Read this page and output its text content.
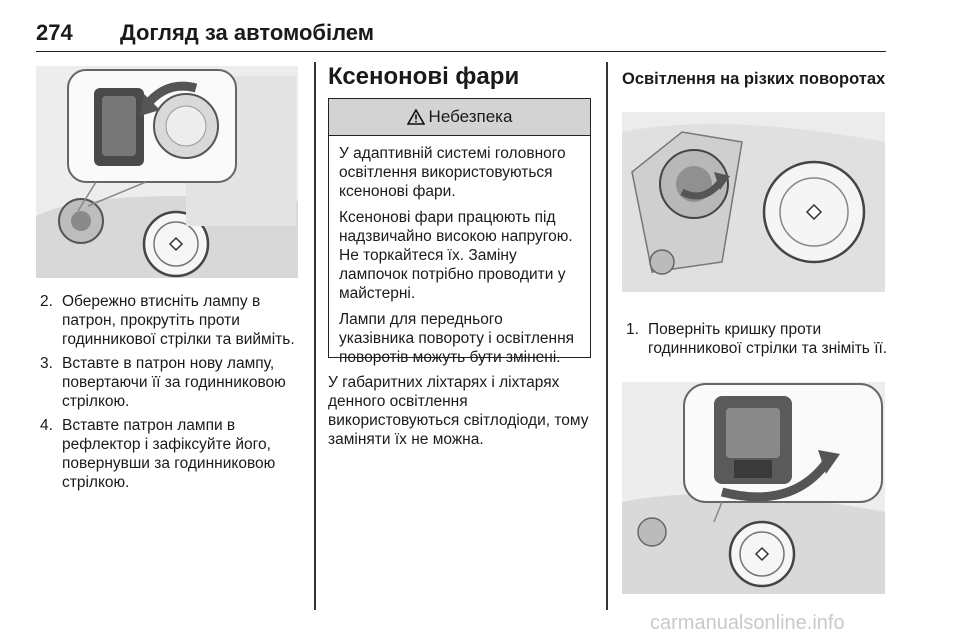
274 Догляд за автомобілем
2. Обережно втисніть лампу в патрон, прокрутіть проти годинникової стрілки та вийміть.
3. Вставте в патрон нову лампу, повертаючи її за годинниковою стрілкою.
4. Вставте патрон лампи в рефлектор і зафіксуйте його, повернувши за годинниковою стрілкою.
Ксенонові фари
Небезпека

У адаптивній системі головного освітлення використовуються ксенонові фари.

Ксенонові фари працюють під надзвичайно високою напругою. Не торкайтеся їх. Заміну лампочок потрібно проводити у майстерні.

Лампи для переднього указівника повороту і освітлення поворотів можуть бути змінені.

У габаритних ліхтарях і ліхтарях денного освітлення використовуються світлодіоди, тому заміняти їх не можна.
Освітлення на різких поворотах
1. Поверніть кришку проти годинникової стрілки та зніміть її.
carmanualsonline.info
